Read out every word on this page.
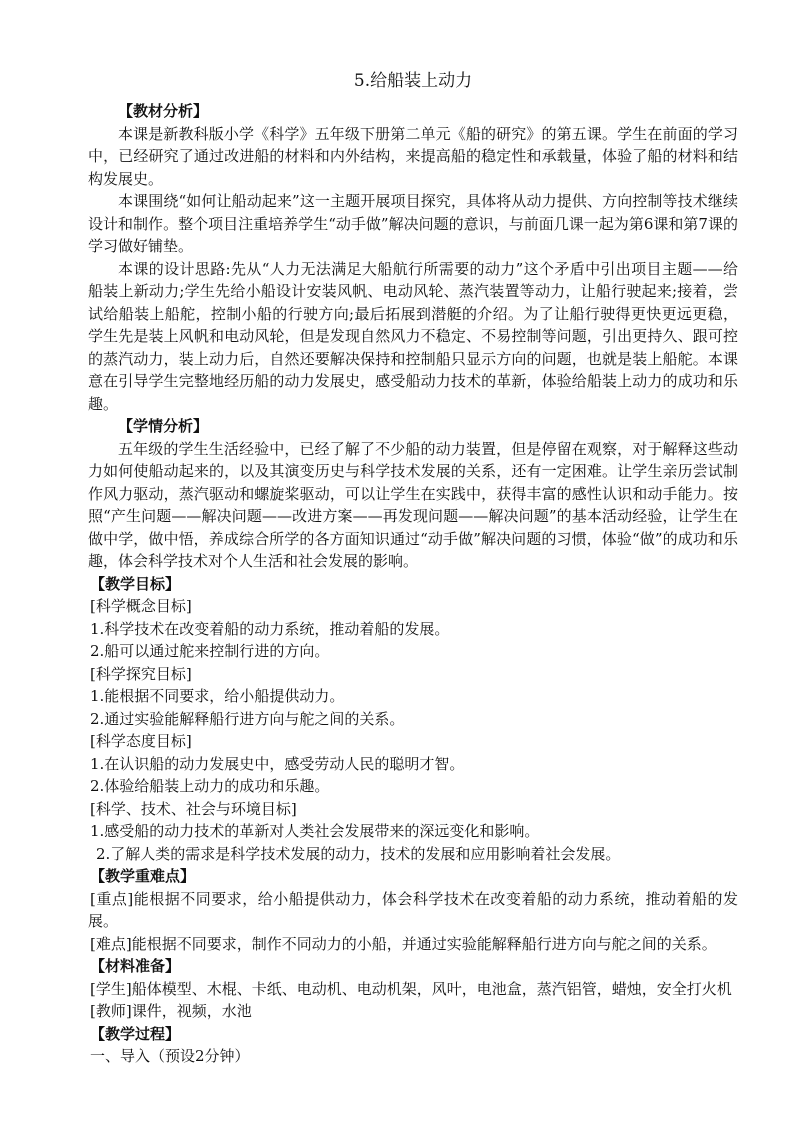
5.给船装上动力
【教材分析】

本课是新教科版小学《科学》五年级下册第二单元《船的研究》的第五课。学生在前面的学习中，已经研究了通过改进船的材料和内外结构，来提高船的稳定性和承载量，体验了船的材料和结构发展史。

本课围绕“如何让船动起来”这一主题开展项目探究，具体将从动力提供、方向控制等技术继续设计和制作。整个项目注重培养学生“动手做”解决问题的意识，与前面几课一起为第6课和第7课的学习做好铺垫。

本课的设计思路:先从“人力无法满足大船航行所需要的动力”这个矛盾中引出项目主题——给船装上新动力;学生先给小船设计安装风帆、电动风轮、蒸汽装置等动力，让船行驶起来;接着，尝试给船装上船舵，控制小船的行驶方向;最后拓展到潜艇的介绍。为了让船行驶得更快更远更稳，学生先是装上风帆和电动风轮，但是发现自然风力不稳定、不易控制等问题，引出更持久、跟可控的蒸汽动力，装上动力后，自然还要解决保持和控制船只显示方向的问题，也就是装上船舵。本课意在引导学生完整地经历船的动力发展史，感受船动力技术的革新，体验给船装上动力的成功和乐趣。

【学情分析】

五年级的学生生活经验中，已经了解了不少船的动力装置，但是停留在观察，对于解释这些动力如何使船动起来的，以及其演变历史与科学技术发展的关系，还有一定困难。让学生亲历尝试制作风力驱动，蒸汽驱动和螺旋桨驱动，可以让学生在实践中，获得丰富的感性认识和动手能力。按照“产生问题——解决问题——改进方案——再发现问题——解决问题”的基本活动经验，让学生在做中学，做中悟，养成综合所学的各方面知识通过“动手做”解决问题的习惯，体验“做”的成功和乐趣，体会科学技术对个人生活和社会发展的影响。

【教学目标】

[科学概念目标]

1.科学技术在改变着船的动力系统，推动着船的发展。

2.船可以通过舵来控制行进的方向。

[科学探究目标]

1.能根据不同要求，给小船提供动力。

2.通过实验能解释船行进方向与舵之间的关系。

[科学态度目标]

1.在认识船的动力发展史中，感受劳动人民的聪明才智。

2.体验给船装上动力的成功和乐趣。

[科学、技术、社会与环境目标]

1.感受船的动力技术的革新对人类社会发展带来的深远变化和影响。

2.了解人类的需求是科学技术发展的动力，技术的发展和应用影响着社会发展。

【教学重难点】

[重点]能根据不同要求，给小船提供动力，体会科学技术在改变着船的动力系统，推动着船的发展。

[难点]能根据不同要求，制作不同动力的小船，并通过实验能解释船行进方向与舵之间的关系。

【材料准备】

[学生]船体模型、木棍、卡纸、电动机、电动机架，风叶，电池盒，蒸汽铝管，蜡烛，安全打火机

[教师]课件，视频，水池

【教学过程】

一、导入（预设2分钟）
